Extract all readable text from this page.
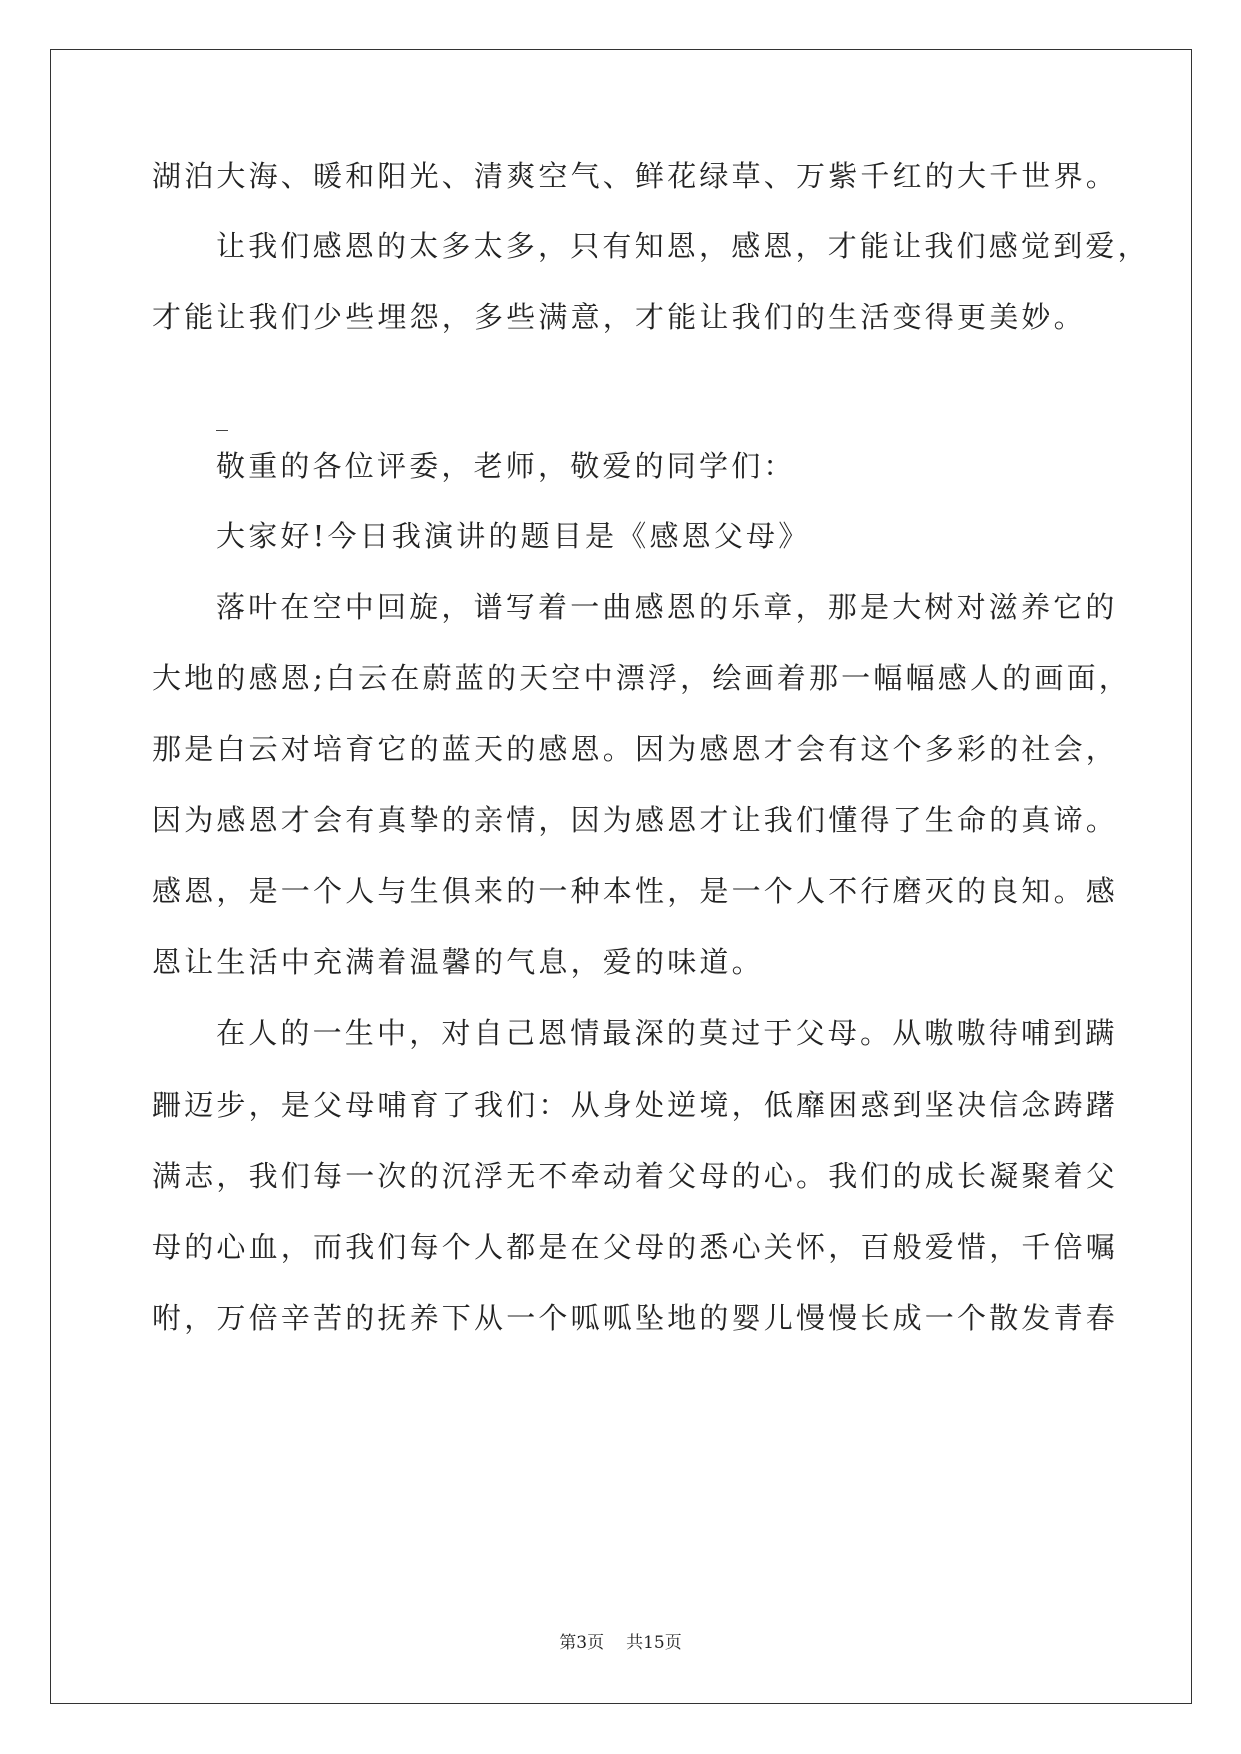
湖泊大海、暖和阳光、清爽空气、鲜花绿草、万紫千红的大千世界。
让我们感恩的太多太多，只有知恩，感恩，才能让我们感觉到爱，
才能让我们少些埋怨，多些满意，才能让我们的生活变得更美妙。
敬重的各位评委，老师，敬爱的同学们：
大家好!今日我演讲的题目是《感恩父母》
落叶在空中回旋，谱写着一曲感恩的乐章，那是大树对滋养它的
大地的感恩;白云在蔚蓝的天空中漂浮，绘画着那一幅幅感人的画面，
那是白云对培育它的蓝天的感恩。因为感恩才会有这个多彩的社会，
因为感恩才会有真挚的亲情，因为感恩才让我们懂得了生命的真谛。
感恩，是一个人与生俱来的一种本性，是一个人不行磨灭的良知。感
恩让生活中充满着温馨的气息，爱的味道。
在人的一生中，对自己恩情最深的莫过于父母。从嗷嗷待哺到蹒
跚迈步，是父母哺育了我们：从身处逆境，低靡困惑到坚决信念踌躇
满志，我们每一次的沉浮无不牵动着父母的心。我们的成长凝聚着父
母的心血，而我们每个人都是在父母的悉心关怀，百般爱惜，千倍嘱
咐，万倍辛苦的抚养下从一个呱呱坠地的婴儿慢慢长成一个散发青春
第3页 共15页
